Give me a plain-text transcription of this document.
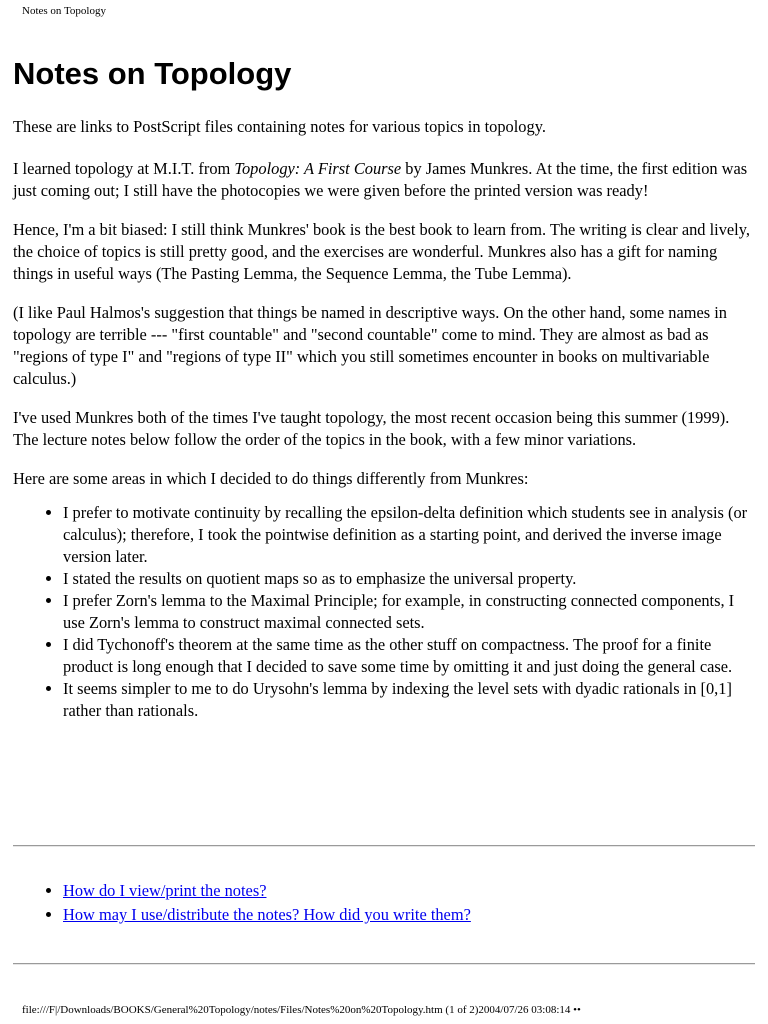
Notes on Topology
Notes on Topology

These are links to PostScript files containing notes for various topics in topology.

I learned topology at M.I.T. from Topology: A First Course by James Munkres. At the time, the first edition was just coming out; I still have the photocopies we were given before the printed version was ready!

Hence, I'm a bit biased: I still think Munkres' book is the best book to learn from. The writing is clear and lively, the choice of topics is still pretty good, and the exercises are wonderful. Munkres also has a gift for naming things in useful ways (The Pasting Lemma, the Sequence Lemma, the Tube Lemma).

(I like Paul Halmos's suggestion that things be named in descriptive ways. On the other hand, some names in topology are terrible --- "first countable" and "second countable" come to mind. They are almost as bad as "regions of type I" and "regions of type II" which you still sometimes encounter in books on multivariable calculus.)

I've used Munkres both of the times I've taught topology, the most recent occasion being this summer (1999). The lecture notes below follow the order of the topics in the book, with a few minor variations.

Here are some areas in which I decided to do things differently from Munkres:

• I prefer to motivate continuity by recalling the epsilon-delta definition which students see in analysis (or calculus); therefore, I took the pointwise definition as a starting point, and derived the inverse image version later.
• I stated the results on quotient maps so as to emphasize the universal property.
• I prefer Zorn's lemma to the Maximal Principle; for example, in constructing connected components, I use Zorn's lemma to construct maximal connected sets.
• I did Tychonoff's theorem at the same time as the other stuff on compactness. The proof for a finite product is long enough that I decided to save some time by omitting it and just doing the general case.
• It seems simpler to me to do Urysohn's lemma by indexing the level sets with dyadic rationals in [0,1] rather than rationals.
• How do I view/print the notes?
• How may I use/distribute the notes? How did you write them?
file:///F|/Downloads/BOOKS/General%20Topology/notes/Files/Notes%20on%20Topology.htm (1 of 2)2004/07/26 03:08:14 ••
